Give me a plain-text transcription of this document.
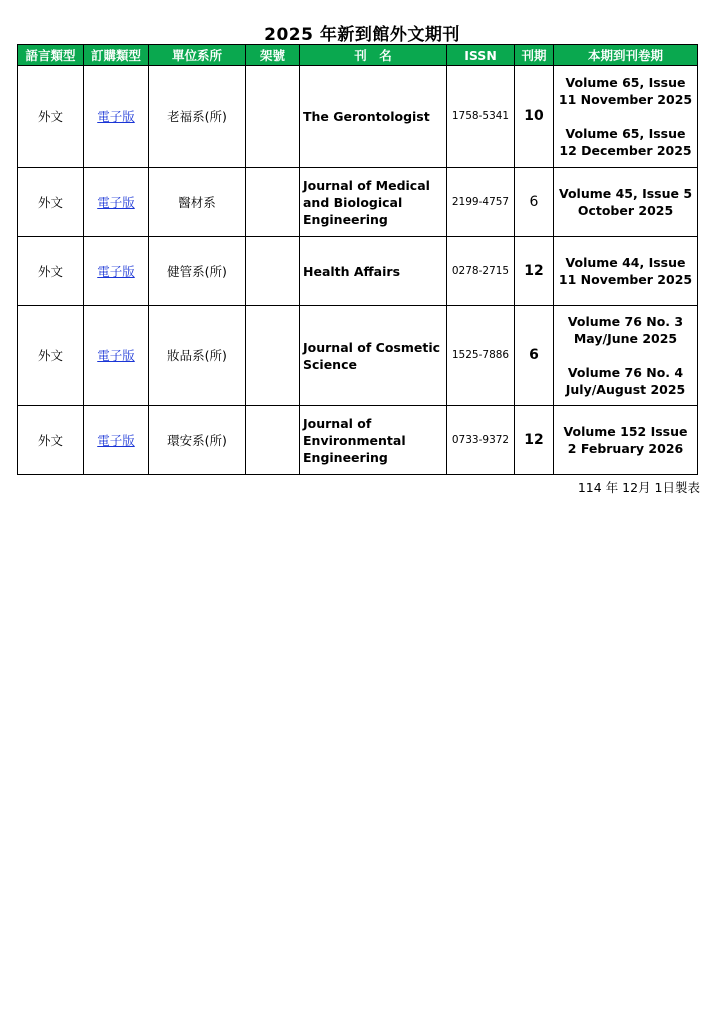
2025 年新到館外文期刊
語言類型	訂購類型	單位系所	架號	刊　名	ISSN	刊期	本期到刊卷期
外文	電子版	老福系(所)		The Gerontologist	1758-5341	10	Volume 65, Issue 11 November 2025
Volume 65, Issue 12 December 2025

外文	電子版	醫材系		Journal of Medical and Biological Engineering	2199-4757	6	Volume 45, Issue 5 October 2025

外文	電子版	健管系(所)		Health Affairs	0278-2715	12	Volume 44, Issue 11 November 2025

外文	電子版	妝品系(所)		Journal of Cosmetic Science	1525-7886	6	Volume 76 No. 3 May/June 2025
Volume 76 No. 4 July/August 2025

外文	電子版	環安系(所)		Journal of Environmental Engineering	0733-9372	12	Volume 152 Issue 2 February 2026
114 年 12月 1日製表
